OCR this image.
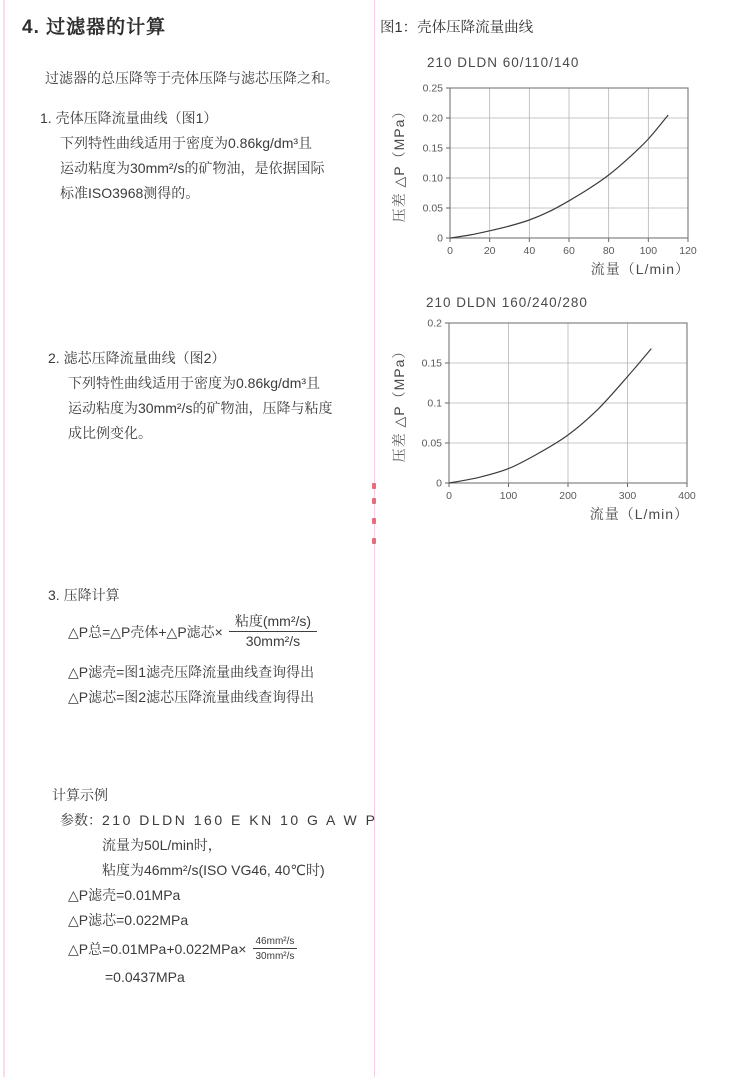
4. 过滤器的计算
过滤器的总压降等于壳体压降与滤芯压降之和。
1. 壳体压降流量曲线（图1）
下列特性曲线适用于密度为0.86kg/dm³且
运动粘度为30mm²/s的矿物油，是依据国际
标准ISO3968测得的。
2. 滤芯压降流量曲线（图2）
下列特性曲线适用于密度为0.86kg/dm³且
运动粘度为30mm²/s的矿物油，压降与粘度
成比例变化。
3. 压降计算
△P总=△P壳体+△P滤芯× $\frac{\text{粘度(mm²/s)}}{\text{30mm²/s}}$
△P滤壳=图1滤壳压降流量曲线查询得出
△P滤芯=图2滤芯压降流量曲线查询得出
计算示例
参数：210 DLDN 160 E KN 10 G A W P
流量为50L/min时，
粘度为46mm²/s(ISO VG46, 40℃时)
△P滤壳=0.01MPa
△P滤芯=0.022MPa
△P总$=0.01MPa+0.022MPa\times \frac{\text{46mm²/s}}{\text{30mm²/s}}$
=0.0437MPa
图1：壳体压降流量曲线
0	20	40	60	80 100 120
0
0.05
0.10
0.15
0.20
0.25
210 DLDN 60/110/140
流量（L/min）
压差 △P（MPa）
0	100	200	300	400
0
0.05
0.1
0.15
0.2
210 DLDN 160/240/280
流量（L/min）
压差 △P（MPa）
